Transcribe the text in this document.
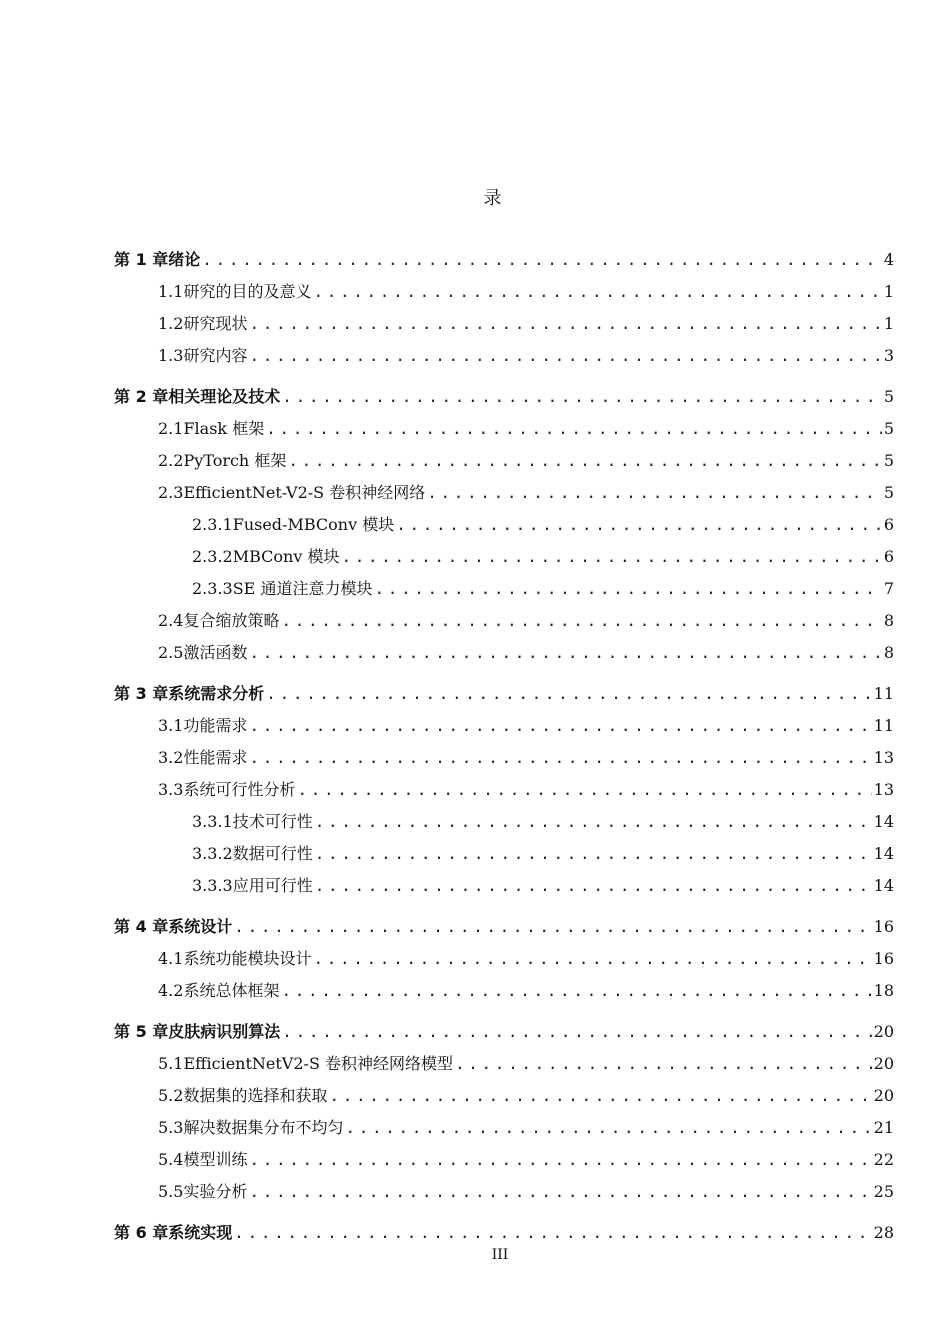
录
第 1 章 绪论 . . .	4
1.1 研究的目的及意义 . . .	1
1.2 研究现状 . . .	1
1.3 研究内容 . . .	3
第 2 章 相关理论及技术 . . .	5
2.1 Flask 框架 . . .	5
2.2 PyTorch 框架 . . .	5
2.3 EfficientNet-V2-S 卷积神经网络 . . .	5
2.3.1 Fused-MBConv 模块 . . .	6
2.3.2 MBConv 模块 . . .	6
2.3.3 SE 通道注意力模块 . . .	7
2.4 复合缩放策略 . . .	8
2.5 激活函数 . . .	8
第 3 章 系统需求分析 . . .	11
3.1 功能需求 . . .	11
3.2 性能需求 . . .	13
3.3 系统可行性分析 . . .	13
3.3.1 技术可行性 . . .	14
3.3.2 数据可行性 . . .	14
3.3.3 应用可行性 . . .	14
第 4 章 系统设计 . . .	16
4.1 系统功能模块设计 . . .	16
4.2 系统总体框架 . . .	18
第 5 章 皮肤病识别算法 . . .	20
5.1 EfficientNetV2-S 卷积神经网络模型 . . .	20
5.2 数据集的选择和获取 . . .	20
5.3 解决数据集分布不均匀 . . .	21
5.4 模型训练 . . .	22
5.5 实验分析 . . .	25
第 6 章 系统实现 . . .	28
III
